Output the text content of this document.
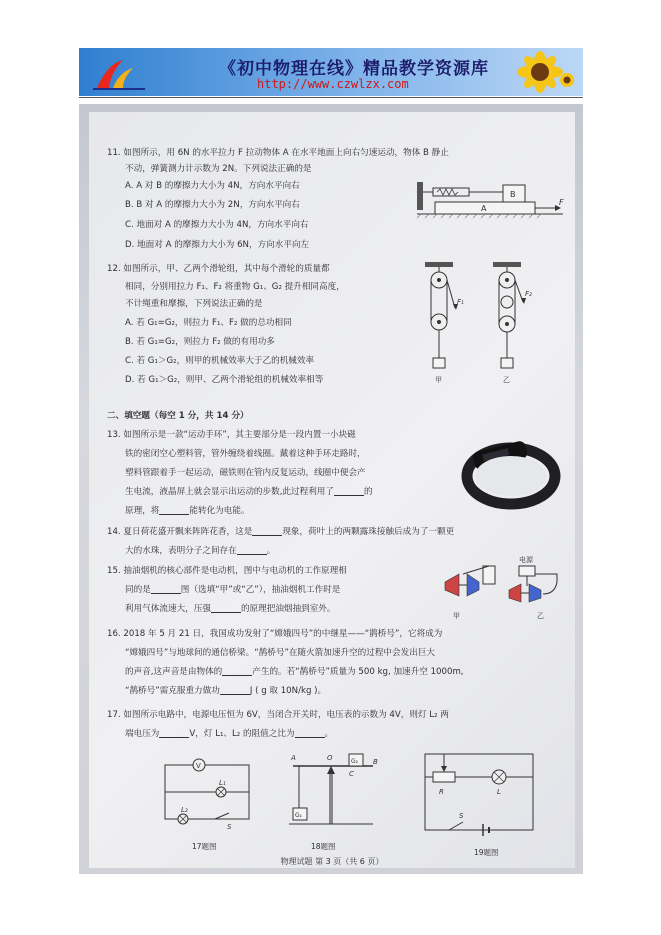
《初中物理在线》精品教学资源库
http://www.czwlzx.com
11. 如图所示，用 6N 的水平拉力 F 拉动物体 A 在水平地面上向右匀速运动，物体 B 静止
不动，弹簧测力计示数为 2N。下列说法正确的是
A. A 对 B 的摩擦力大小为 4N，方向水平向右
B. B 对 A 的摩擦力大小为 2N，方向水平向右
C. 地面对 A 的摩擦力大小为 4N，方向水平向右
D. 地面对 A 的摩擦力大小为 6N，方向水平向左
B
A
F
12. 如图所示，甲、乙两个滑轮组，其中每个滑轮的质量都
相同，分别用拉力 F₁、F₂ 将重物 G₁、G₂ 提升相同高度，
不计绳重和摩擦，下列说法正确的是
A. 若 G₁=G₂，则拉力 F₁、F₂ 做的总功相同
B. 若 G₁=G₂，则拉力 F₂ 做的有用功多
C. 若 G₁＞G₂，则甲的机械效率大于乙的机械效率
D. 若 G₁＞G₂，则甲、乙两个滑轮组的机械效率相等
F₁
甲
F₂
乙
二、填空题（每空 1 分，共 14 分）
13. 如图所示是一款“运动手环”，其主要部分是一段内置一小块磁
铁的密闭空心塑料管，管外缠绕着线圈。戴着这种手环走路时，
塑料管跟着手一起运动，磁铁则在管内反复运动，线圈中便会产
生电流，液晶屏上就会显示出运动的步数,此过程利用了	的
原理，将	能转化为电能。
14. 夏日荷花盛开飘来阵阵花香，这是	现象，荷叶上的两颗露珠接触后成为了一颗更
大的水珠，表明分子之间存在	。
15. 抽油烟机的核心部件是电动机，图中与电动机的工作原理相
同的是	图（选填“甲”或“乙”），抽油烟机工作时是
利用气体流速大，压强	的原理把油烟抽到室外。
甲
电源
乙
16. 2018 年 5 月 21 日，我国成功发射了“嫦娥四号”的中继星——“鹊桥号”，它将成为
“嫦娥四号”与地球间的通信桥梁。“鹊桥号”在随火箭加速升空的过程中会发出巨大
的声音,这声音是由物体的	产生的。若“鹊桥号”质量为 500 kg, 加速升空 1000m,
“鹊桥号”需克服重力做功	J ( g 取 10N/kg )。
17. 如图所示电路中，电源电压恒为 6V，当闭合开关时，电压表的示数为 4V，则灯 L₂ 两
端电压为	V，灯 L₁、L₂ 的阻值之比为	。
V
L₁
L₂
S
17题图
A	O	B
G₁
G₂
C
18题图
R	L
S
19题图
物理试题 第 3 页（共 6 页）
